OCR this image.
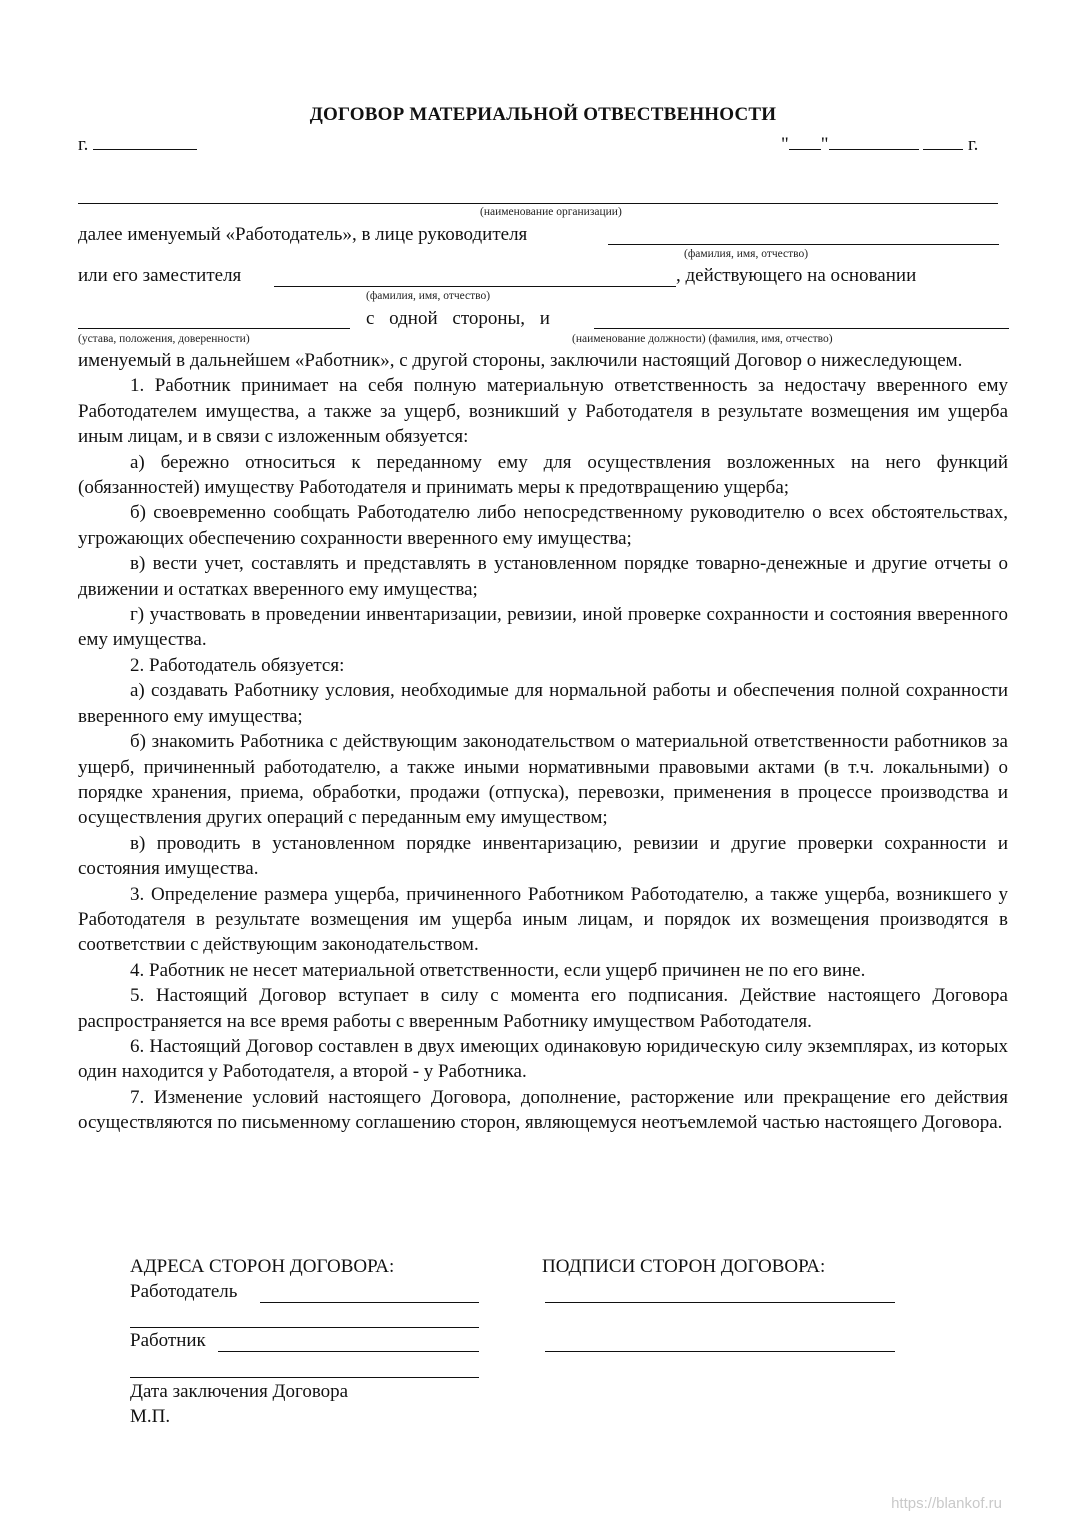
ДОГОВОР МАТЕРИАЛЬНОЙ ОТВЕСТВЕННОСТИ
г.	" "	г.
(наименование организации)
далее именуемый «Работодатель», в лице руководителя
(фамилия, имя, отчество)
или его заместителя	, действующего на основании
(фамилия, имя, отчество)
с одной стороны, и
(устава, положения, доверенности)	(наименование должности) (фамилия, имя, отчество)

именуемый в дальнейшем «Работник», с другой стороны, заключили настоящий Договор о нижеследующем.

1. Работник принимает на себя полную материальную ответственность за недостачу вверенного ему Работодателем имущества, а также за ущерб, возникший у Работодателя в результате возмещения им ущерба иным лицам, и в связи с изложенным обязуется:

а) бережно относиться к переданному ему для осуществления возложенных на него функций (обязанностей) имуществу Работодателя и принимать меры к предотвращению ущерба;

б) своевременно сообщать Работодателю либо непосредственному руководителю о всех обстоятельствах, угрожающих обеспечению сохранности вверенного ему имущества;

в) вести учет, составлять и представлять в установленном порядке товарно-денежные и другие отчеты о движении и остатках вверенного ему имущества;

г) участвовать в проведении инвентаризации, ревизии, иной проверке сохранности и состояния вверенного ему имущества.

2. Работодатель обязуется:

а) создавать Работнику условия, необходимые для нормальной работы и обеспечения полной сохранности вверенного ему имущества;

б) знакомить Работника с действующим законодательством о материальной ответственности работников за ущерб, причиненный работодателю, а также иными нормативными правовыми актами (в т.ч. локальными) о порядке хранения, приема, обработки, продажи (отпуска), перевозки, применения в процессе производства и осуществления других операций с переданным ему имуществом;

в) проводить в установленном порядке инвентаризацию, ревизии и другие проверки сохранности и состояния имущества.

3. Определение размера ущерба, причиненного Работником Работодателю, а также ущерба, возникшего у Работодателя в результате возмещения им ущерба иным лицам, и порядок их возмещения производятся в соответствии с действующим законодательством.

4. Работник не несет материальной ответственности, если ущерб причинен не по его вине.

5. Настоящий Договор вступает в силу с момента его подписания. Действие настоящего Договора распространяется на все время работы с вверенным Работнику имуществом Работодателя.

6. Настоящий Договор составлен в двух имеющих одинаковую юридическую силу экземплярах, из которых один находится у Работодателя, а второй - у Работника.

7. Изменение условий настоящего Договора, дополнение, расторжение или прекращение его действия осуществляются по письменному соглашению сторон, являющемуся неотъемлемой частью настоящего Договора.

АДРЕСА СТОРОН ДОГОВОРА:	ПОДПИСИ СТОРОН ДОГОВОРА:
Работодатель
Работник
Дата заключения Договора
М.П.
https://blankof.ru
